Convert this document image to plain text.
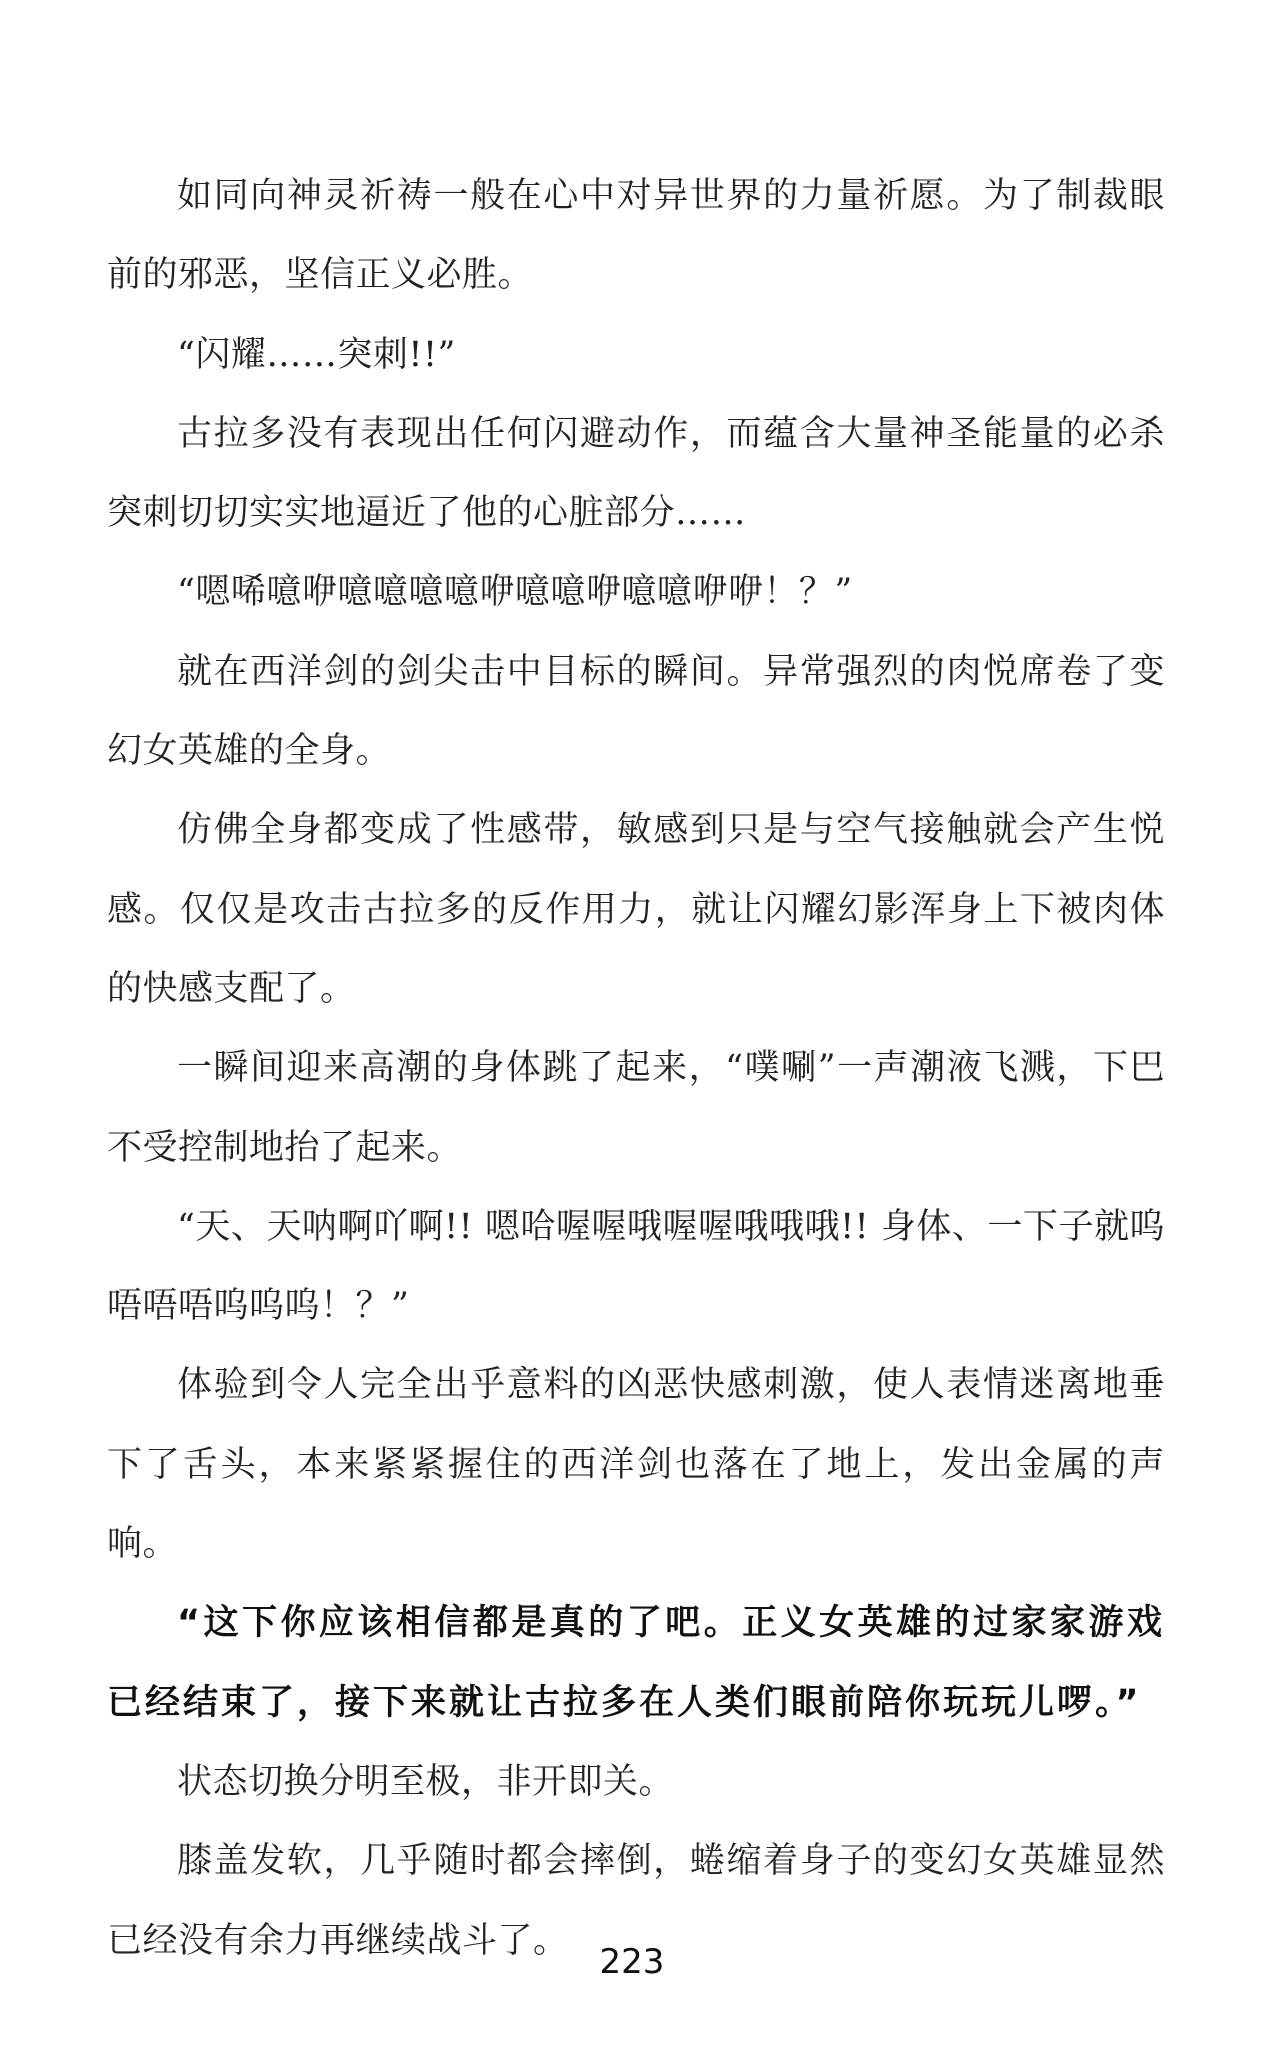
如同向神灵祈祷一般在心中对异世界的力量祈愿。为了制裁眼前的邪恶，坚信正义必胜。

“闪耀……突刺!!”

古拉多没有表现出任何闪避动作，而蕴含大量神圣能量的必杀突刺切切实实地逼近了他的心脏部分……

“嗯唏噫咿噫噫噫噫咿噫噫咿噫噫咿咿！？”

就在西洋剑的剑尖击中目标的瞬间。异常强烈的肉悦席卷了变幻女英雄的全身。

仿佛全身都变成了性感带，敏感到只是与空气接触就会产生悦感。仅仅是攻击古拉多的反作用力，就让闪耀幻影浑身上下被肉体的快感支配了。

一瞬间迎来高潮的身体跳了起来，“噗唰”一声潮液飞溅，下巴不受控制地抬了起来。

“天、天呐啊吖啊!! 嗯哈喔喔哦喔喔哦哦哦!! 身体、一下子就呜唔唔唔呜呜呜！？”

体验到令人完全出乎意料的凶恶快感刺激，使人表情迷离地垂下了舌头，本来紧紧握住的西洋剑也落在了地上，发出金属的声响。

“这下你应该相信都是真的了吧。正义女英雄的过家家游戏已经结束了，接下来就让古拉多在人类们眼前陪你玩玩儿啰。”

状态切换分明至极，非开即关。

膝盖发软，几乎随时都会摔倒，蜷缩着身子的变幻女英雄显然已经没有余力再继续战斗了。

223
